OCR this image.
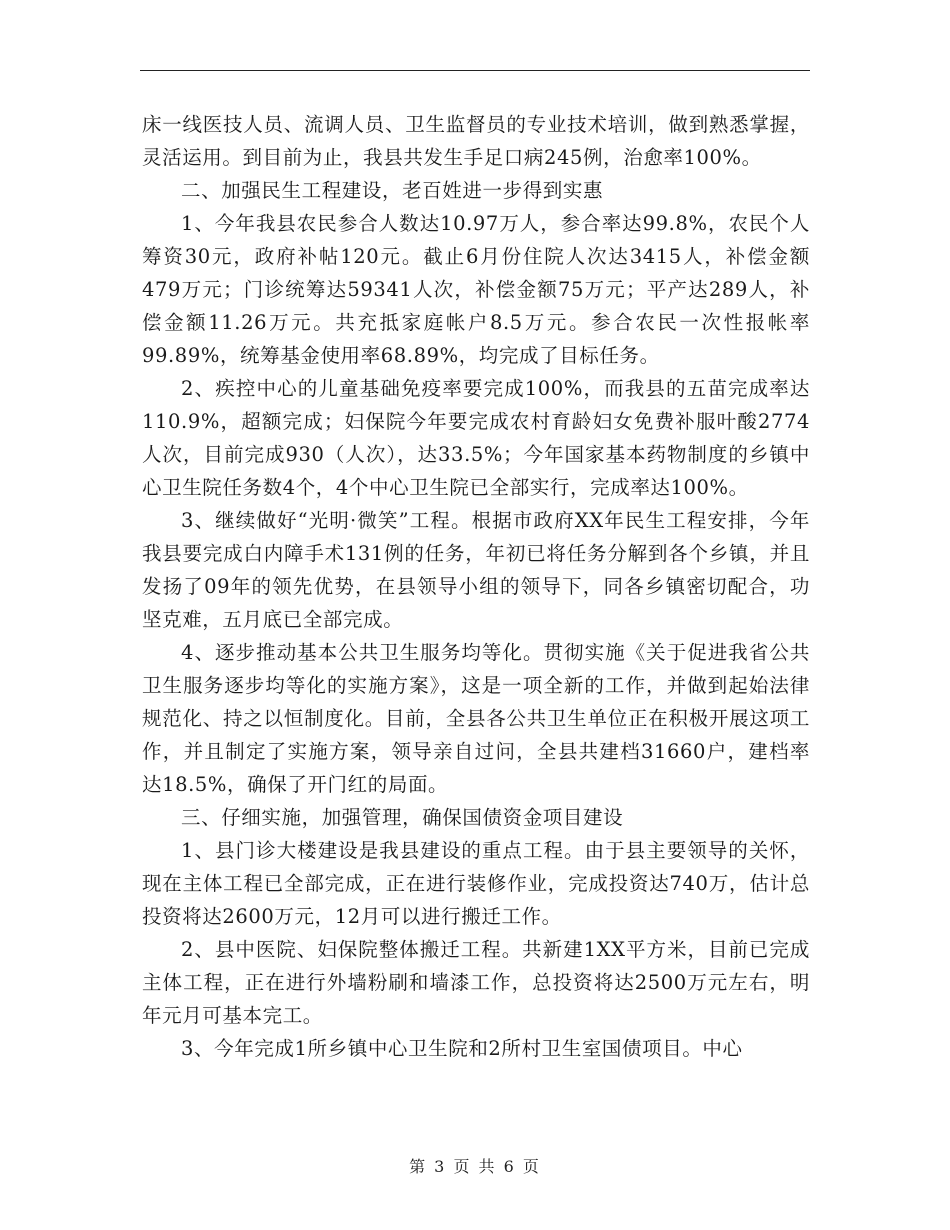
床一线医技人员、流调人员、卫生监督员的专业技术培训，做到熟悉掌握，灵活运用。到目前为止，我县共发生手足口病245例，治愈率100%。

二、加强民生工程建设，老百姓进一步得到实惠

1、今年我县农民参合人数达10.97万人，参合率达99.8%，农民个人筹资30元，政府补帖120元。截止6月份住院人次达3415人，补偿金额479万元；门诊统筹达59341人次，补偿金额75万元；平产达289人，补偿金额11.26万元。共充抵家庭帐户8.5万元。参合农民一次性报帐率99.89%，统筹基金使用率68.89%，均完成了目标任务。

2、疾控中心的儿童基础免疫率要完成100%，而我县的五苗完成率达110.9%，超额完成；妇保院今年要完成农村育龄妇女免费补服叶酸2774人次，目前完成930（人次），达33.5%；今年国家基本药物制度的乡镇中心卫生院任务数4个，4个中心卫生院已全部实行，完成率达100%。

3、继续做好“光明·微笑”工程。根据市政府XX年民生工程安排，今年我县要完成白内障手术131例的任务，年初已将任务分解到各个乡镇，并且发扬了09年的领先优势，在县领导小组的领导下，同各乡镇密切配合，功坚克难，五月底已全部完成。

4、逐步推动基本公共卫生服务均等化。贯彻实施《关于促进我省公共卫生服务逐步均等化的实施方案》，这是一项全新的工作，并做到起始法律规范化、持之以恒制度化。目前，全县各公共卫生单位正在积极开展这项工作，并且制定了实施方案，领导亲自过问，全县共建档31660户，建档率达18.5%，确保了开门红的局面。

三、仔细实施，加强管理，确保国债资金项目建设

1、县门诊大楼建设是我县建设的重点工程。由于县主要领导的关怀，现在主体工程已全部完成，正在进行装修作业，完成投资达740万，估计总投资将达2600万元，12月可以进行搬迁工作。

2、县中医院、妇保院整体搬迁工程。共新建1XX平方米，目前已完成主体工程，正在进行外墙粉刷和墙漆工作，总投资将达2500万元左右，明年元月可基本完工。

3、今年完成1所乡镇中心卫生院和2所村卫生室国债项目。中心

第 3 页 共 6 页
